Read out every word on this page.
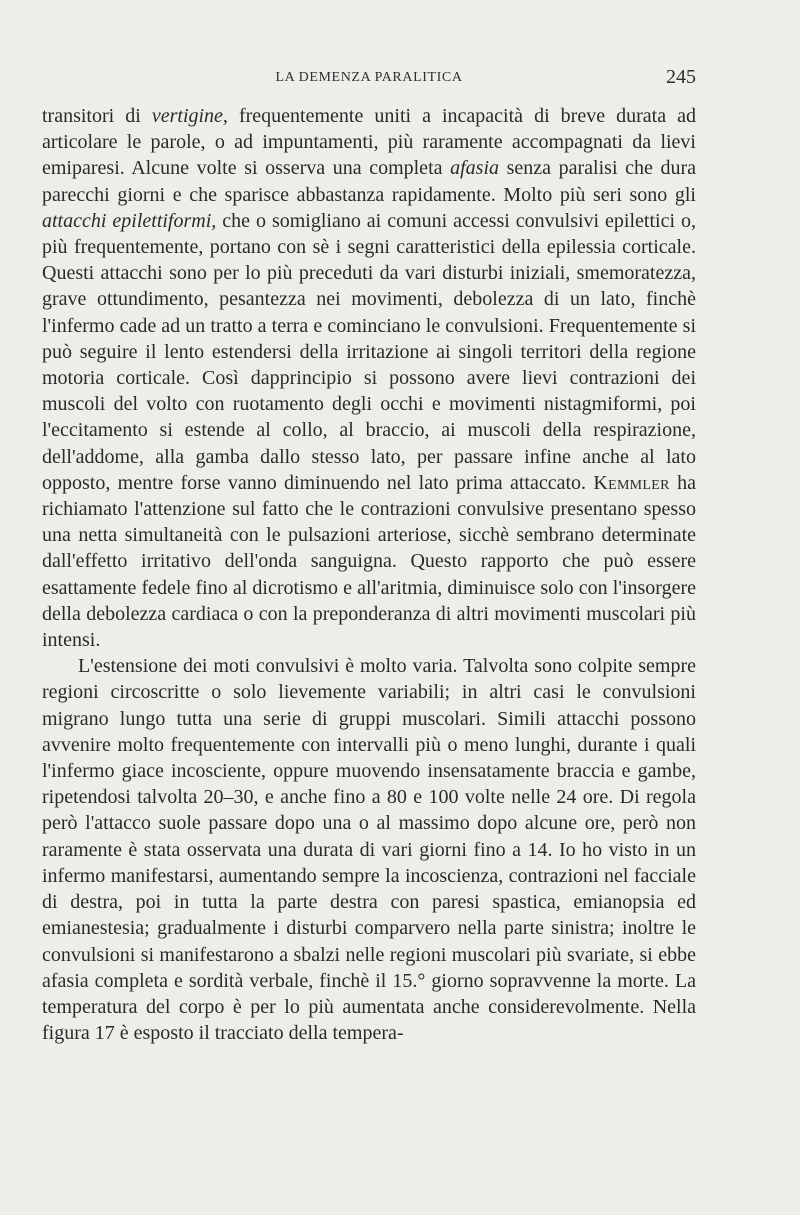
LA DEMENZA PARALITICA	245

transitori di vertigine, frequentemente uniti a incapacità di breve durata ad articolare le parole, o ad impuntamenti, più raramente accompagnati da lievi emiparesi. Alcune volte si osserva una completa afasia senza paralisi che dura parecchi giorni e che sparisce abbastanza rapidamente. Molto più seri sono gli attacchi epilettiformi, che o somigliano ai comuni accessi convulsivi epilettici o, più frequentemente, portano con sè i segni caratteristici della epilessia corticale. Questi attacchi sono per lo più preceduti da vari disturbi iniziali, smemoratezza, grave ottundimento, pesantezza nei movimenti, debolezza di un lato, finchè l'infermo cade ad un tratto a terra e cominciano le convulsioni. Frequentemente si può seguire il lento estendersi della irritazione ai singoli territori della regione motoria corticale. Così dapprincipio si possono avere lievi contrazioni dei muscoli del volto con ruotamento degli occhi e movimenti nistagmiformi, poi l'eccitamento si estende al collo, al braccio, ai muscoli della respirazione, dell'addome, alla gamba dallo stesso lato, per passare infine anche al lato opposto, mentre forse vanno diminuendo nel lato prima attaccato. Kemmler ha richiamato l'attenzione sul fatto che le contrazioni convulsive presentano spesso una netta simultaneità con le pulsazioni arteriose, sicchè sembrano determinate dall'effetto irritativo dell'onda sanguigna. Questo rapporto che può essere esattamente fedele fino al dicrotismo e all'aritmia, diminuisce solo con l'insorgere della debolezza cardiaca o con la preponderanza di altri movimenti muscolari più intensi.

L'estensione dei moti convulsivi è molto varia. Talvolta sono colpite sempre regioni circoscritte o solo lievemente variabili; in altri casi le convulsioni migrano lungo tutta una serie di gruppi muscolari. Simili attacchi possono avvenire molto frequentemente con intervalli più o meno lunghi, durante i quali l'infermo giace incosciente, oppure muovendo insensatamente braccia e gambe, ripetendosi talvolta 20–30, e anche fino a 80 e 100 volte nelle 24 ore. Di regola però l'attacco suole passare dopo una o al massimo dopo alcune ore, però non raramente è stata osservata una durata di vari giorni fino a 14. Io ho visto in un infermo manifestarsi, aumentando sempre la incoscienza, contrazioni nel facciale di destra, poi in tutta la parte destra con paresi spastica, emianopsia ed emianestesia; gradualmente i disturbi comparvero nella parte sinistra; inoltre le convulsioni si manifestarono a sbalzi nelle regioni muscolari più svariate, si ebbe afasia completa e sordità verbale, finchè il 15.° giorno sopravvenne la morte. La temperatura del corpo è per lo più aumentata anche considerevolmente. Nella figura 17 è esposto il tracciato della tempera-
